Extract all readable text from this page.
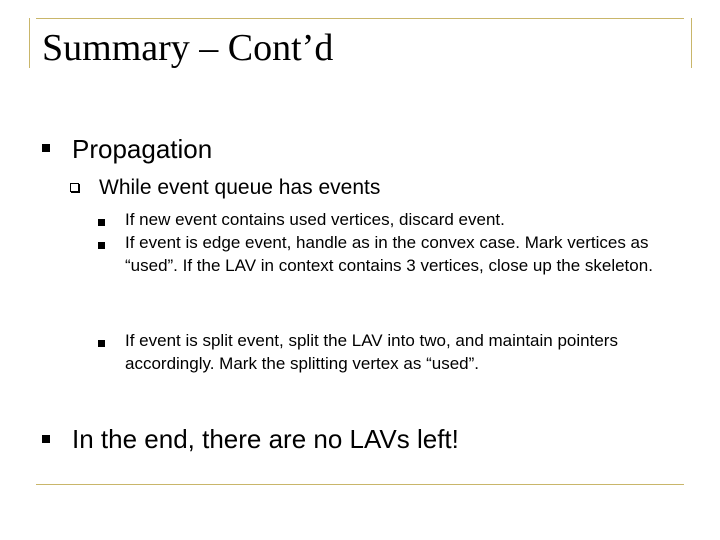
Summary – Cont’d
Propagation
While event queue has events
If new event contains used vertices, discard event.
If event is edge event, handle as in the convex case. Mark vertices as “used”. If the LAV in context contains 3 vertices, close up the skeleton.
If event is split event, split the LAV into two, and maintain pointers accordingly. Mark the splitting vertex as “used”.
In the end, there are no LAVs left!
